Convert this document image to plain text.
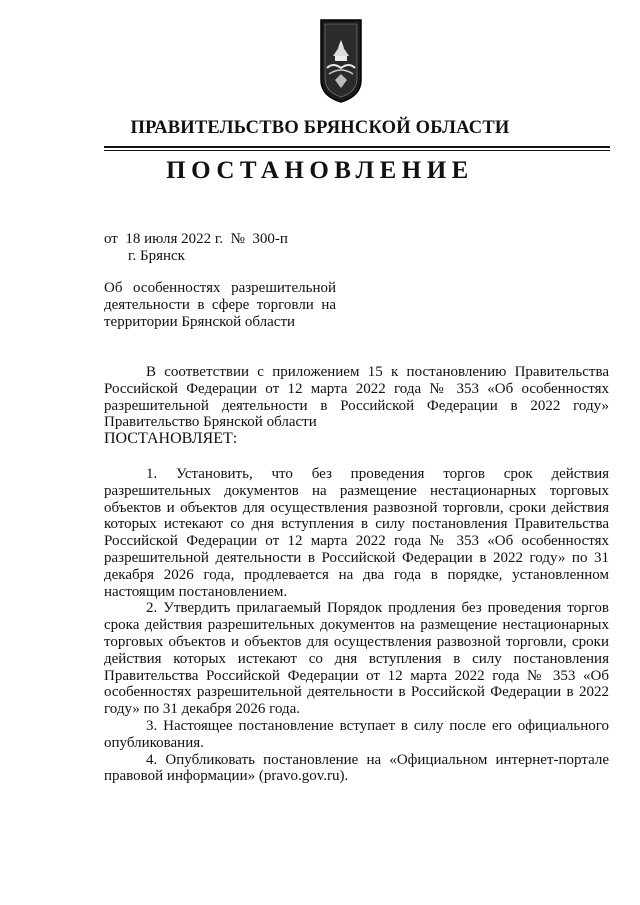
ПРАВИТЕЛЬСТВО БРЯНСКОЙ ОБЛАСТИ
ПОСТАНОВЛЕНИЕ
от  18 июля 2022 г.  №  300-п
г. Брянск
Об особенностях разрешительной деятельности в сфере торговли на территории Брянской области

В соответствии с приложением 15 к постановлению Правительства Российской Федерации от 12 марта 2022 года № 353 «Об особенностях разрешительной деятельности в Российской Федерации в 2022 году» Правительство Брянской области

ПОСТАНОВЛЯЕТ:

1. Установить, что без проведения торгов срок действия разрешительных документов на размещение нестационарных торговых объектов и объектов для осуществления развозной торговли, сроки действия которых истекают со дня вступления в силу постановления Правительства Российской Федерации от 12 марта 2022 года № 353 «Об особенностях разрешительной деятельности в Российской Федерации в 2022 году» по 31 декабря 2026 года, продлевается на два года в порядке, установленном настоящим постановлением.

2. Утвердить прилагаемый Порядок продления без проведения торгов срока действия разрешительных документов на размещение нестационарных торговых объектов и объектов для осуществления развозной торговли, сроки действия которых истекают со дня вступления в силу постановления Правительства Российской Федерации от 12 марта 2022 года № 353 «Об особенностях разрешительной деятельности в Российской Федерации в 2022 году» по 31 декабря 2026 года.

3. Настоящее постановление вступает в силу после его официального опубликования.

4. Опубликовать постановление на «Официальном интернет-портале правовой информации» (pravo.gov.ru).
